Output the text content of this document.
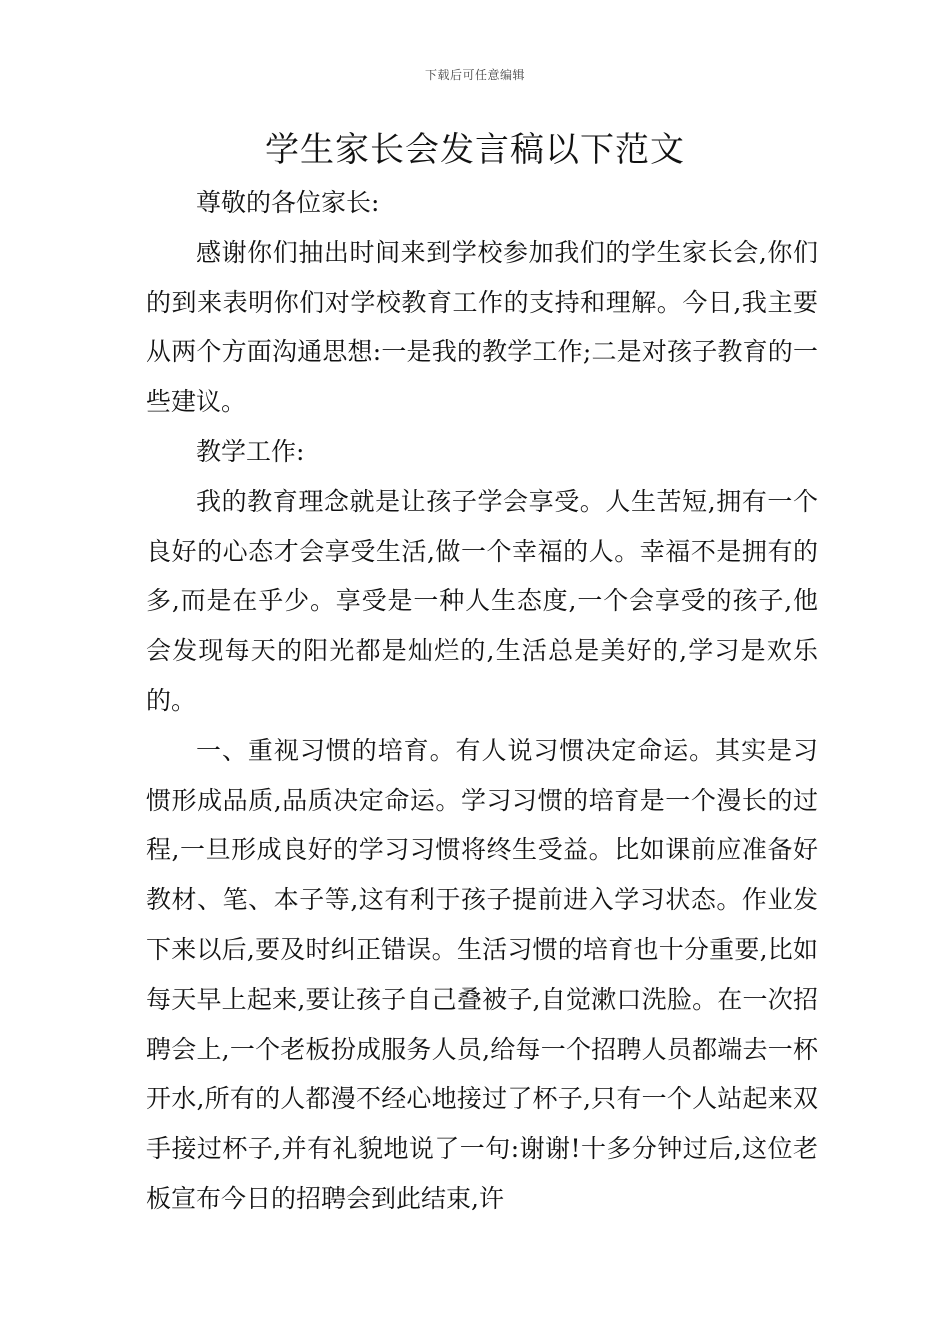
下载后可任意编辑
学生家长会发言稿以下范文

尊敬的各位家长:

感谢你们抽出时间来到学校参加我们的学生家长会,你们的到来表明你们对学校教育工作的支持和理解。今日,我主要从两个方面沟通思想:一是我的教学工作;二是对孩子教育的一些建议。

教学工作:

我的教育理念就是让孩子学会享受。人生苦短,拥有一个良好的心态才会享受生活,做一个幸福的人。幸福不是拥有的多,而是在乎少。享受是一种人生态度,一个会享受的孩子,他会发现每天的阳光都是灿烂的,生活总是美好的,学习是欢乐的。

一、重视习惯的培育。有人说习惯决定命运。其实是习惯形成品质,品质决定命运。学习习惯的培育是一个漫长的过程,一旦形成良好的学习习惯将终生受益。比如课前应准备好教材、笔、本子等,这有利于孩子提前进入学习状态。作业发下来以后,要及时纠正错误。生活习惯的培育也十分重要,比如每天早上起来,要让孩子自己叠被子,自觉漱口洗脸。在一次招聘会上,一个老板扮成服务人员,给每一个招聘人员都端去一杯开水,所有的人都漫不经心地接过了杯子,只有一个人站起来双手接过杯子,并有礼貌地说了一句:谢谢!十多分钟过后,这位老板宣布今日的招聘会到此结束,许
